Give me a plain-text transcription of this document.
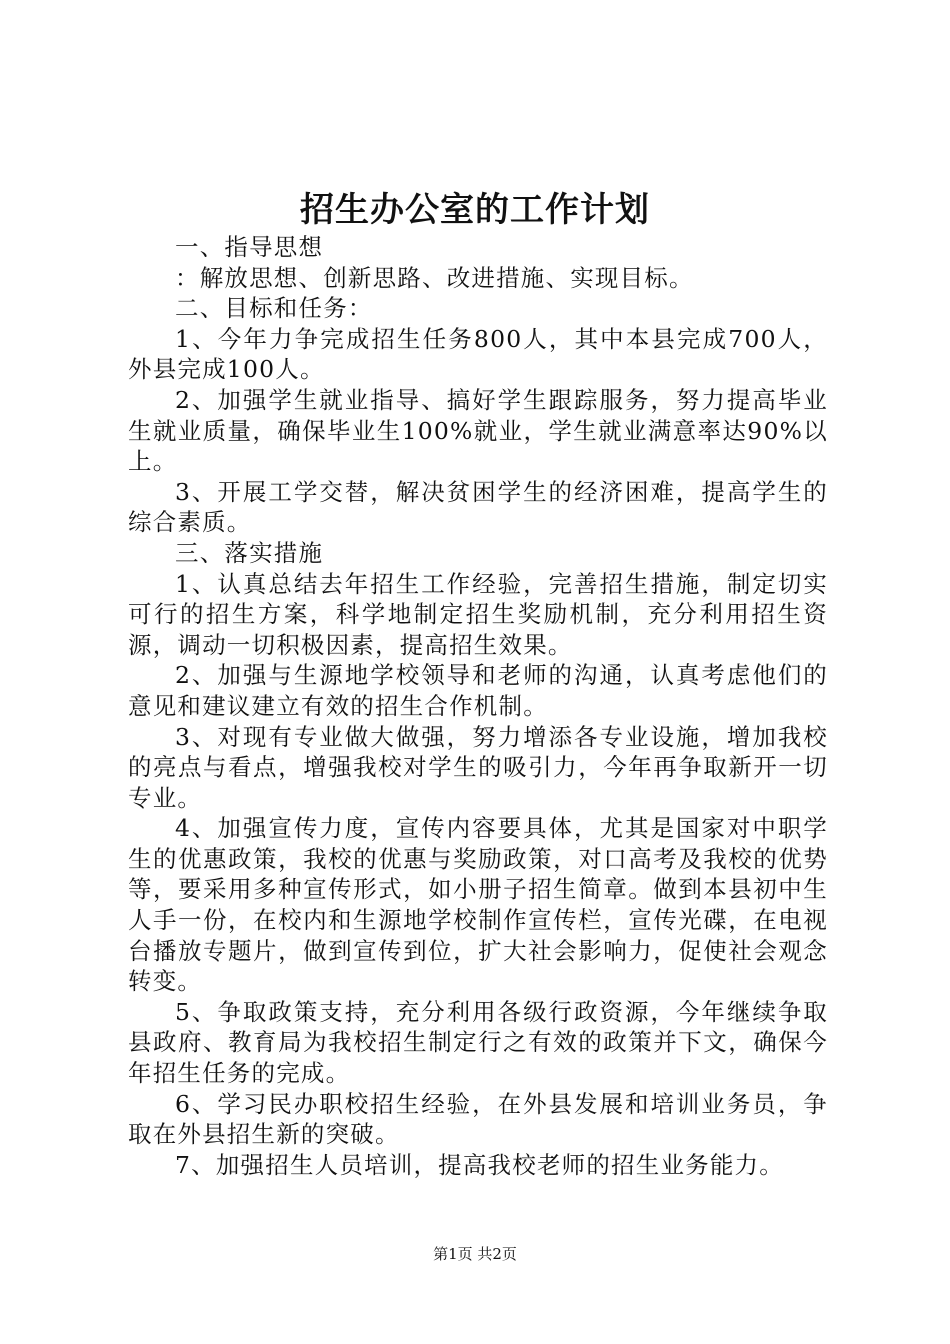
招生办公室的工作计划

一、指导思想

：解放思想、创新思路、改进措施、实现目标。

二、目标和任务：

1、今年力争完成招生任务800人，其中本县完成700人，外县完成100人。

2、加强学生就业指导、搞好学生跟踪服务，努力提高毕业生就业质量，确保毕业生100%就业，学生就业满意率达90%以上。

3、开展工学交替，解决贫困学生的经济困难，提高学生的综合素质。

三、落实措施

1、认真总结去年招生工作经验，完善招生措施，制定切实可行的招生方案，科学地制定招生奖励机制，充分利用招生资源，调动一切积极因素，提高招生效果。

2、加强与生源地学校领导和老师的沟通，认真考虑他们的意见和建议建立有效的招生合作机制。

3、对现有专业做大做强，努力增添各专业设施，增加我校的亮点与看点，增强我校对学生的吸引力，今年再争取新开一切专业。

4、加强宣传力度，宣传内容要具体，尤其是国家对中职学生的优惠政策，我校的优惠与奖励政策，对口高考及我校的优势等，要采用多种宣传形式，如小册子招生简章。做到本县初中生人手一份，在校内和生源地学校制作宣传栏，宣传光碟，在电视台播放专题片，做到宣传到位，扩大社会影响力，促使社会观念转变。

5、争取政策支持，充分利用各级行政资源，今年继续争取县政府、教育局为我校招生制定行之有效的政策并下文，确保今年招生任务的完成。

6、学习民办职校招生经验，在外县发展和培训业务员，争取在外县招生新的突破。

7、加强招生人员培训，提高我校老师的招生业务能力。

第1页 共2页
